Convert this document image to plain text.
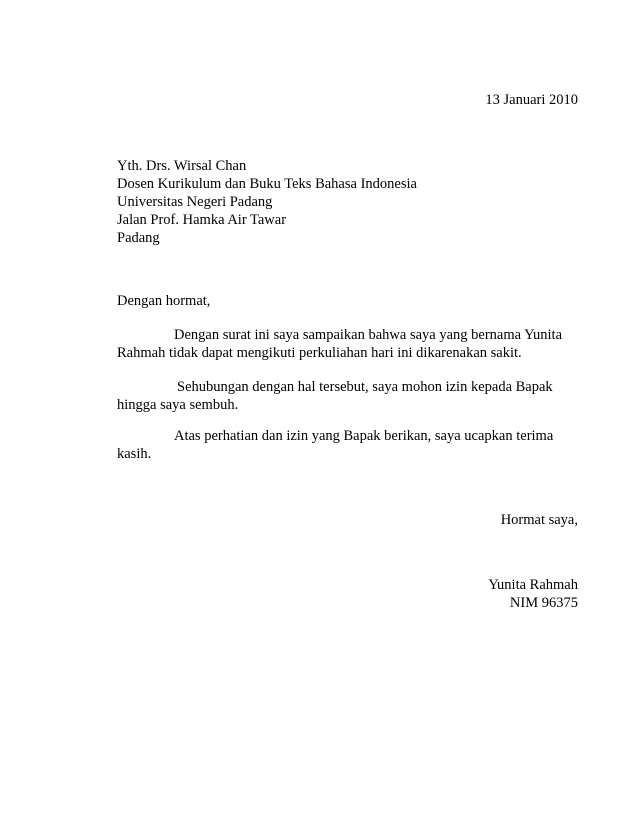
13 Januari 2010
Yth. Drs. Wirsal Chan
Dosen Kurikulum dan Buku Teks Bahasa Indonesia
Universitas Negeri Padang
Jalan Prof. Hamka Air Tawar
Padang
Dengan hormat,
Dengan surat ini saya sampaikan bahwa saya yang bernama Yunita
Rahmah tidak dapat mengikuti perkuliahan hari ini dikarenakan sakit.
Sehubungan dengan hal tersebut, saya mohon izin kepada Bapak
hingga saya sembuh.
Atas perhatian dan izin yang Bapak berikan, saya ucapkan terima
kasih.
Hormat saya,
Yunita Rahmah
NIM 96375
